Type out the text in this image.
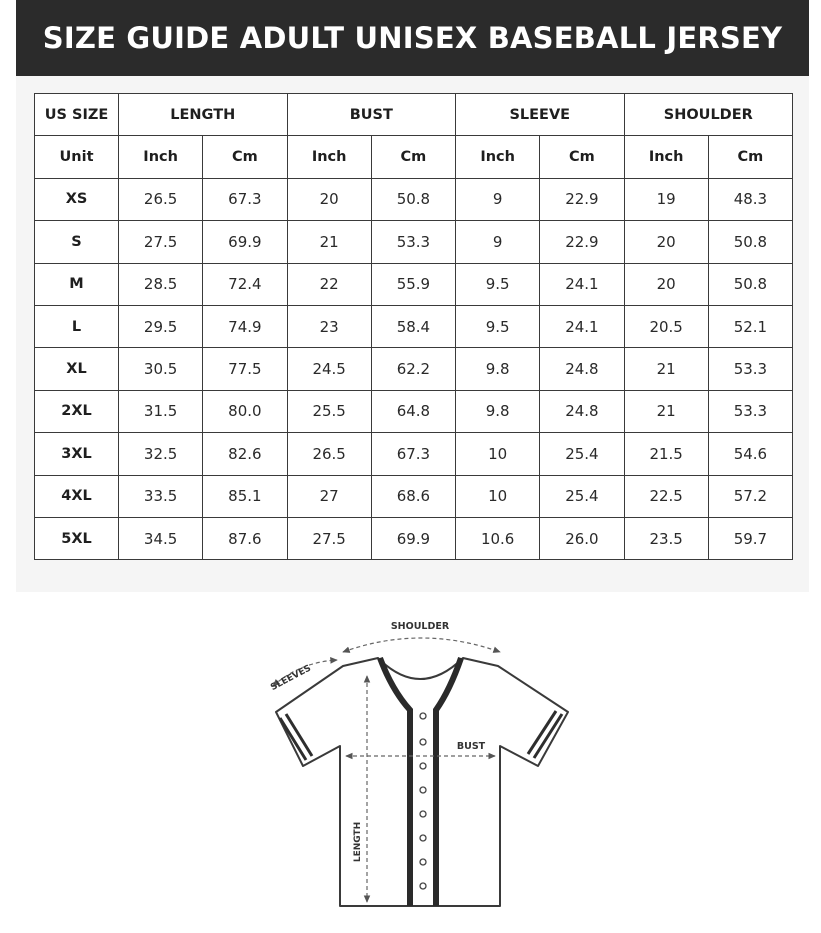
SIZE GUIDE ADULT UNISEX BASEBALL JERSEY
US SIZE	LENGTH		BUST		SLEEVE		SHOULDER	
Unit	Inch	Cm	Inch	Cm	Inch	Cm	Inch	Cm
XS	26.5	67.3	20	50.8	9	22.9	19	48.3
S	27.5	69.9	21	53.3	9	22.9	20	50.8
M	28.5	72.4	22	55.9	9.5	24.1	20	50.8
L	29.5	74.9	23	58.4	9.5	24.1	20.5	52.1
XL	30.5	77.5	24.5	62.2	9.8	24.8	21	53.3
2XL	31.5	80.0	25.5	64.8	9.8	24.8	21	53.3
3XL	32.5	82.6	26.5	67.3	10	25.4	21.5	54.6
4XL	33.5	85.1	27	68.6	10	25.4	22.5	57.2
5XL	34.5	87.6	27.5	69.9	10.6	26.0	23.5	59.7
SHOULDER
SLEEVES
BUST
LENGTH
